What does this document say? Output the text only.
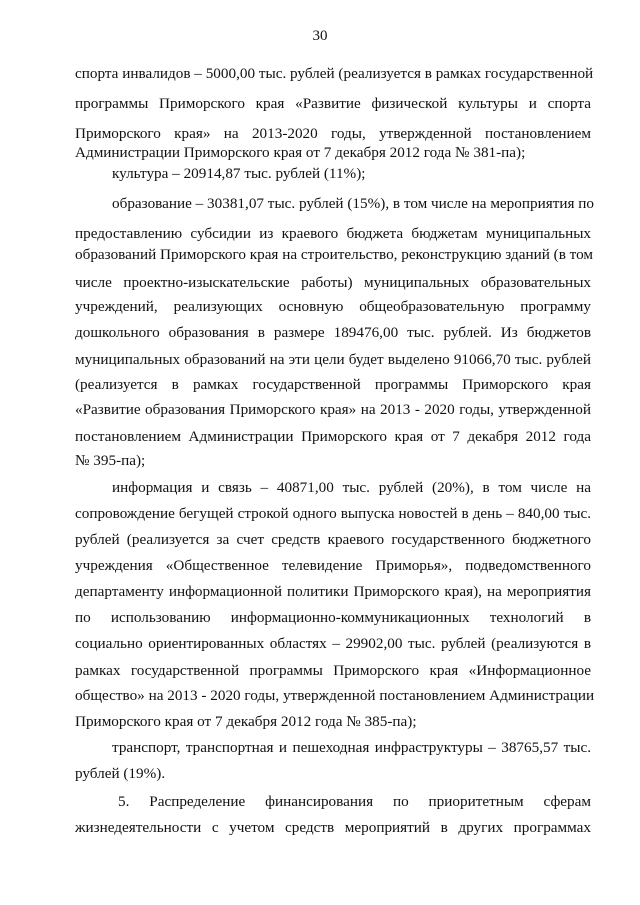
30
спорта инвалидов – 5000,00 тыс. рублей (реализуется в рамках государственной
программы Приморского края «Развитие физической культуры и спорта
Приморского края» на 2013-2020 годы, утвержденной постановлением
Администрации Приморского края от 7 декабря 2012 года № 381-па);
культура – 20914,87 тыс. рублей (11%);
образование – 30381,07 тыс. рублей (15%), в том числе на мероприятия по
предоставлению субсидии из краевого бюджета бюджетам муниципальных
образований Приморского края на строительство, реконструкцию зданий (в том
числе проектно-изыскательские работы) муниципальных образовательных
учреждений, реализующих основную общеобразовательную программу
дошкольного образования в размере 189476,00 тыс. рублей. Из бюджетов
муниципальных образований на эти цели будет выделено 91066,70 тыс. рублей
(реализуется в рамках государственной программы Приморского края
«Развитие образования Приморского края» на 2013 - 2020 годы, утвержденной
постановлением Администрации Приморского края от 7 декабря 2012 года
№ 395-па);
информация и связь – 40871,00 тыс. рублей (20%), в том числе на
сопровождение бегущей строкой одного выпуска новостей в день – 840,00 тыс.
рублей (реализуется за счет средств краевого государственного бюджетного
учреждения «Общественное телевидение Приморья», подведомственного
департаменту информационной политики Приморского края), на мероприятия
по использованию информационно-коммуникационных технологий в
социально ориентированных областях – 29902,00 тыс. рублей (реализуются в
рамках государственной программы Приморского края «Информационное
общество» на 2013 - 2020 годы, утвержденной постановлением Администрации
Приморского края от 7 декабря 2012 года № 385-па);
транспорт, транспортная и пешеходная инфраструктуры – 38765,57 тыс.
рублей (19%).
5. Распределение финансирования по приоритетным сферам
жизнедеятельности с учетом средств мероприятий в других программах
